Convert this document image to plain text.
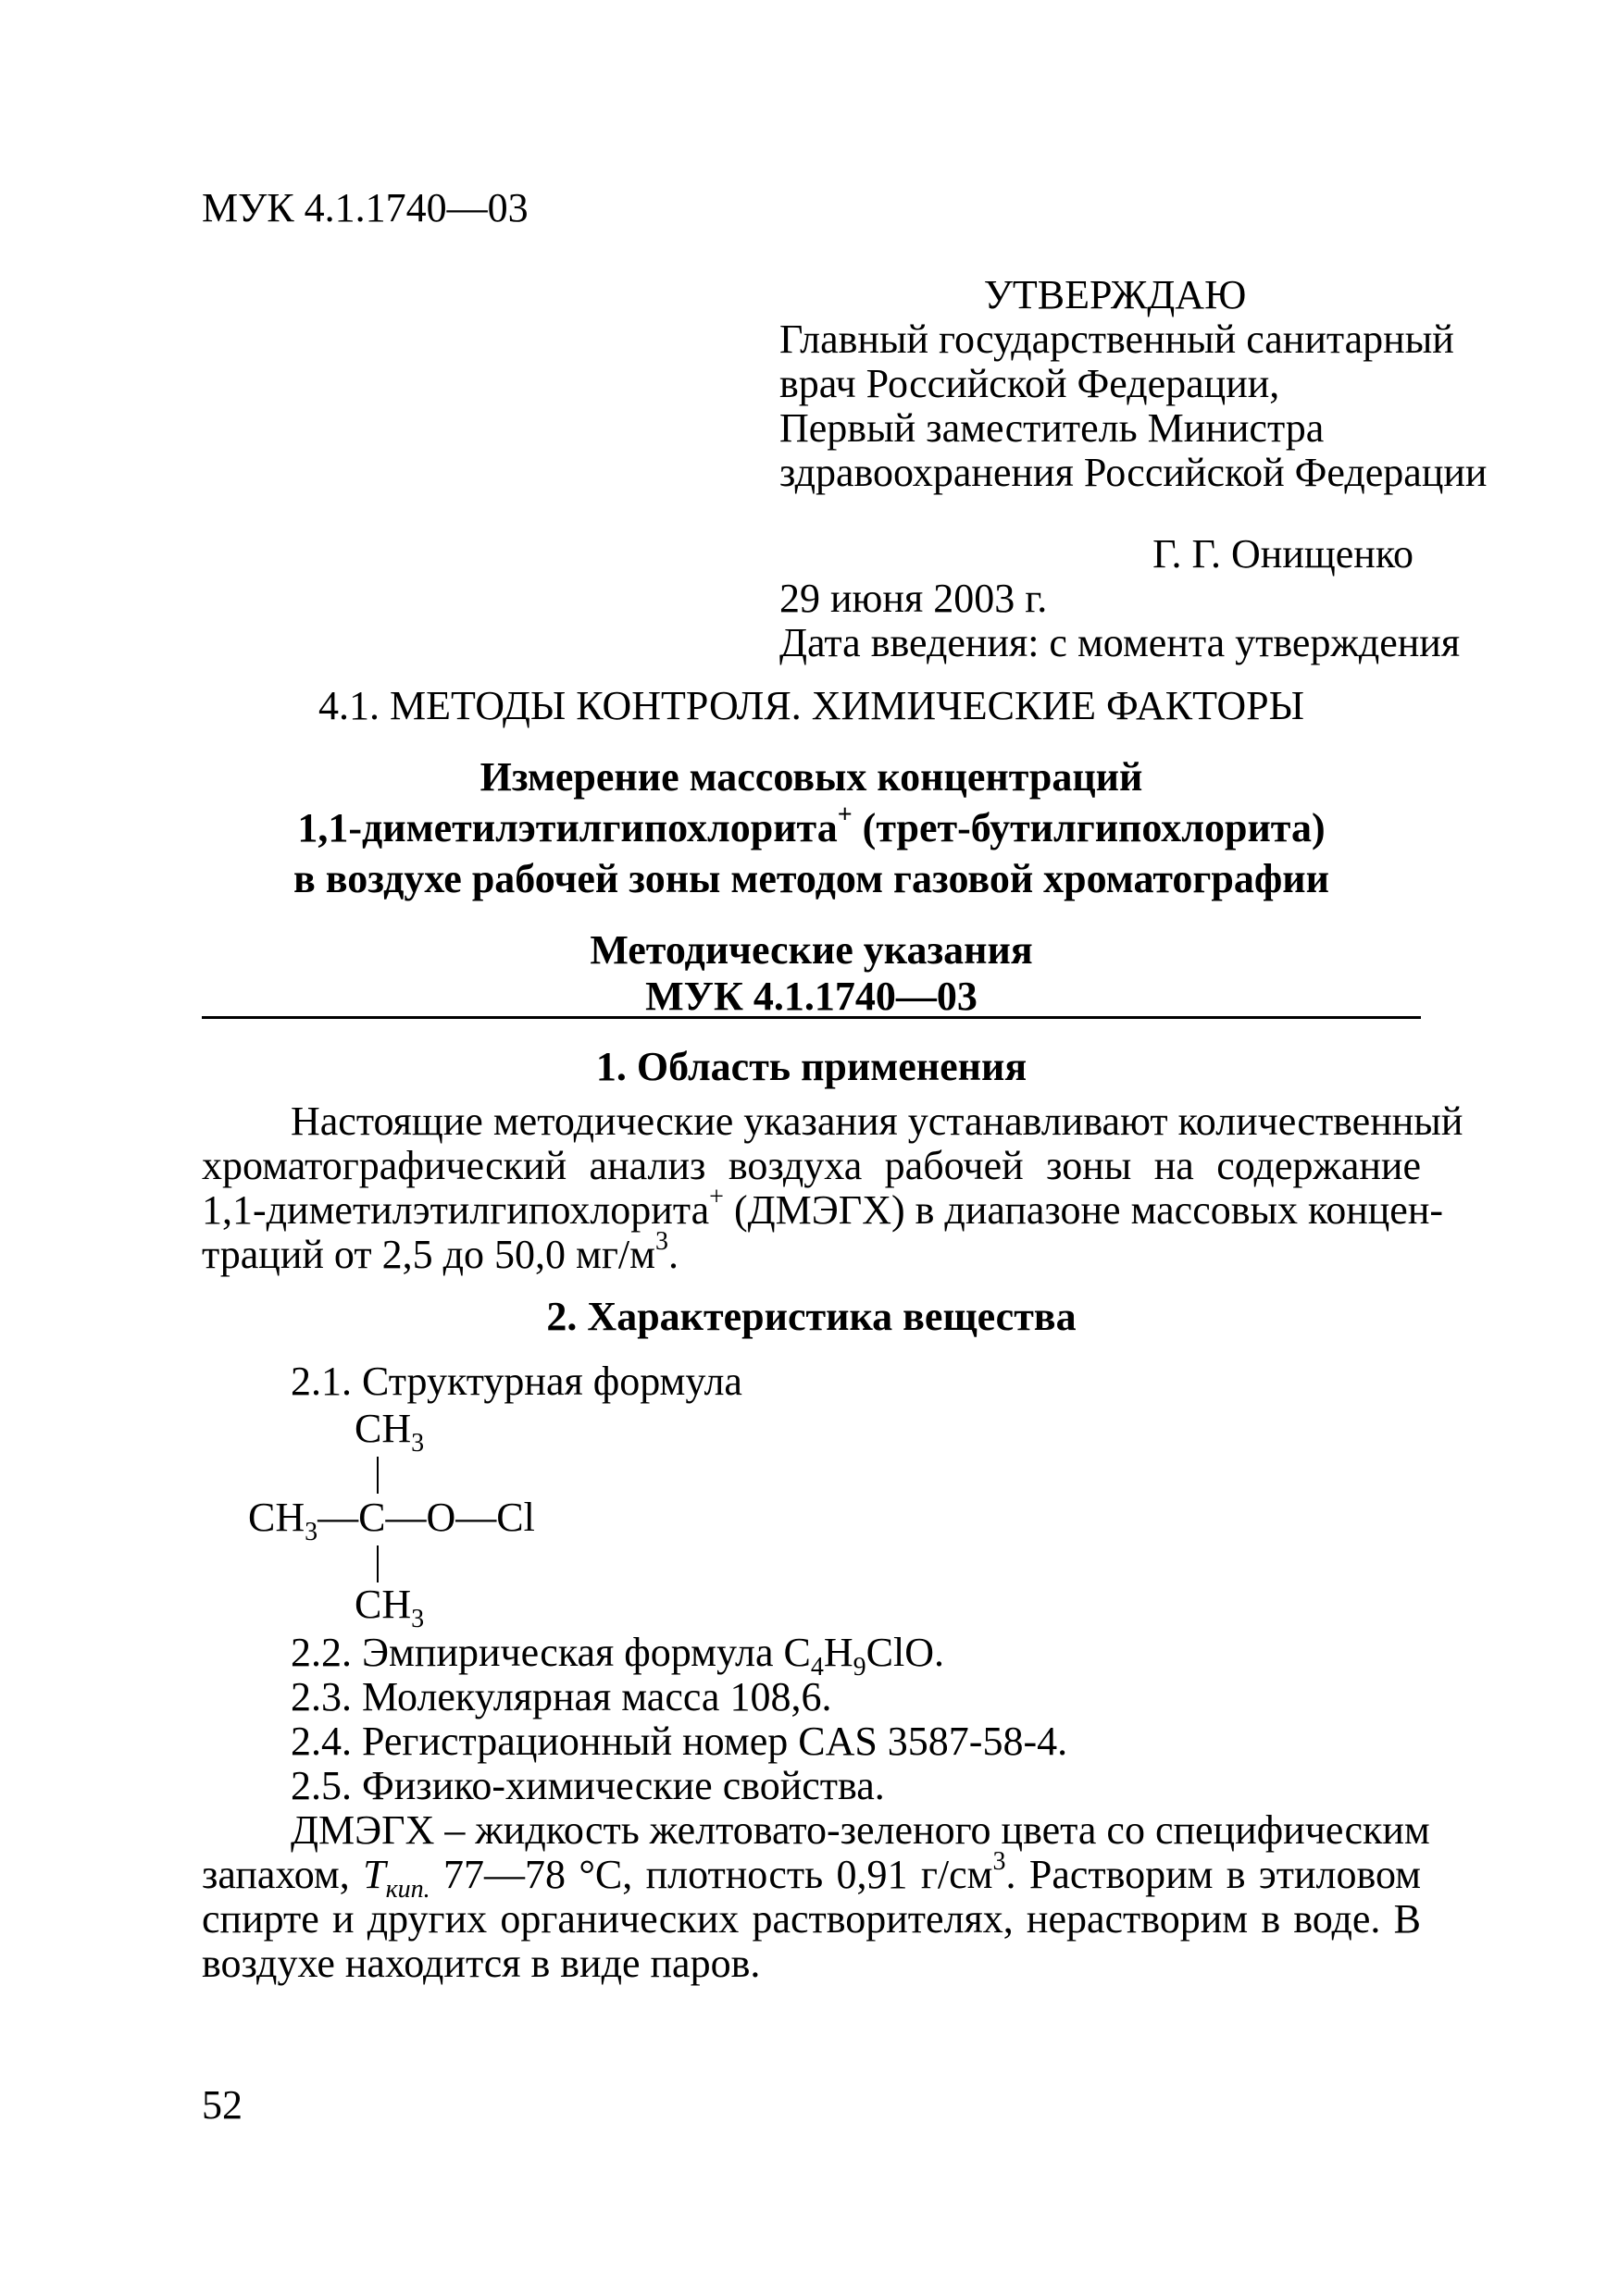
МУК 4.1.1740—03
УТВЕРЖДАЮ
Главный государственный санитарный
врач Российской Федерации,
Первый заместитель Министра
здравоохранения Российской Федерации
Г. Г. Онищенко
29 июня 2003 г.
Дата введения: с момента утверждения
4.1. МЕТОДЫ КОНТРОЛЯ. ХИМИЧЕСКИЕ ФАКТОРЫ
Измерение массовых концентраций
1,1-диметилэтилгипохлорита+ (трет-бутилгипохлорита)
в воздухе рабочей зоны методом газовой хроматографии
Методические указания
МУК 4.1.1740—03
1. Область применения
Настоящие методические указания устанавливают количественный
хроматографический анализ воздуха рабочей зоны на содержание
1,1-диметилэтилгипохлорита+ (ДМЭГХ) в диапазоне массовых концен-
траций от 2,5 до 50,0 $мг/м^3$.
2. Характеристика вещества
2.1. Структурная формула
$CH_3$
$CH_3—C—O—Cl$
$CH_3$
2.2. Эмпирическая формула $C_4H_9ClO$.
2.3. Молекулярная масса 108,6.
2.4. Регистрационный номер CAS 3587-58-4.
2.5. Физико-химические свойства.
ДМЭГХ – жидкость желтовато-зеленого цвета со специфическим
запахом, $T_{кип.}$ 77—78 °С, плотность 0,91 $г/см^3$. Растворим в этиловом
спирте и других органических растворителях, нерастворим в воде. В
воздухе находится в виде паров.
52
